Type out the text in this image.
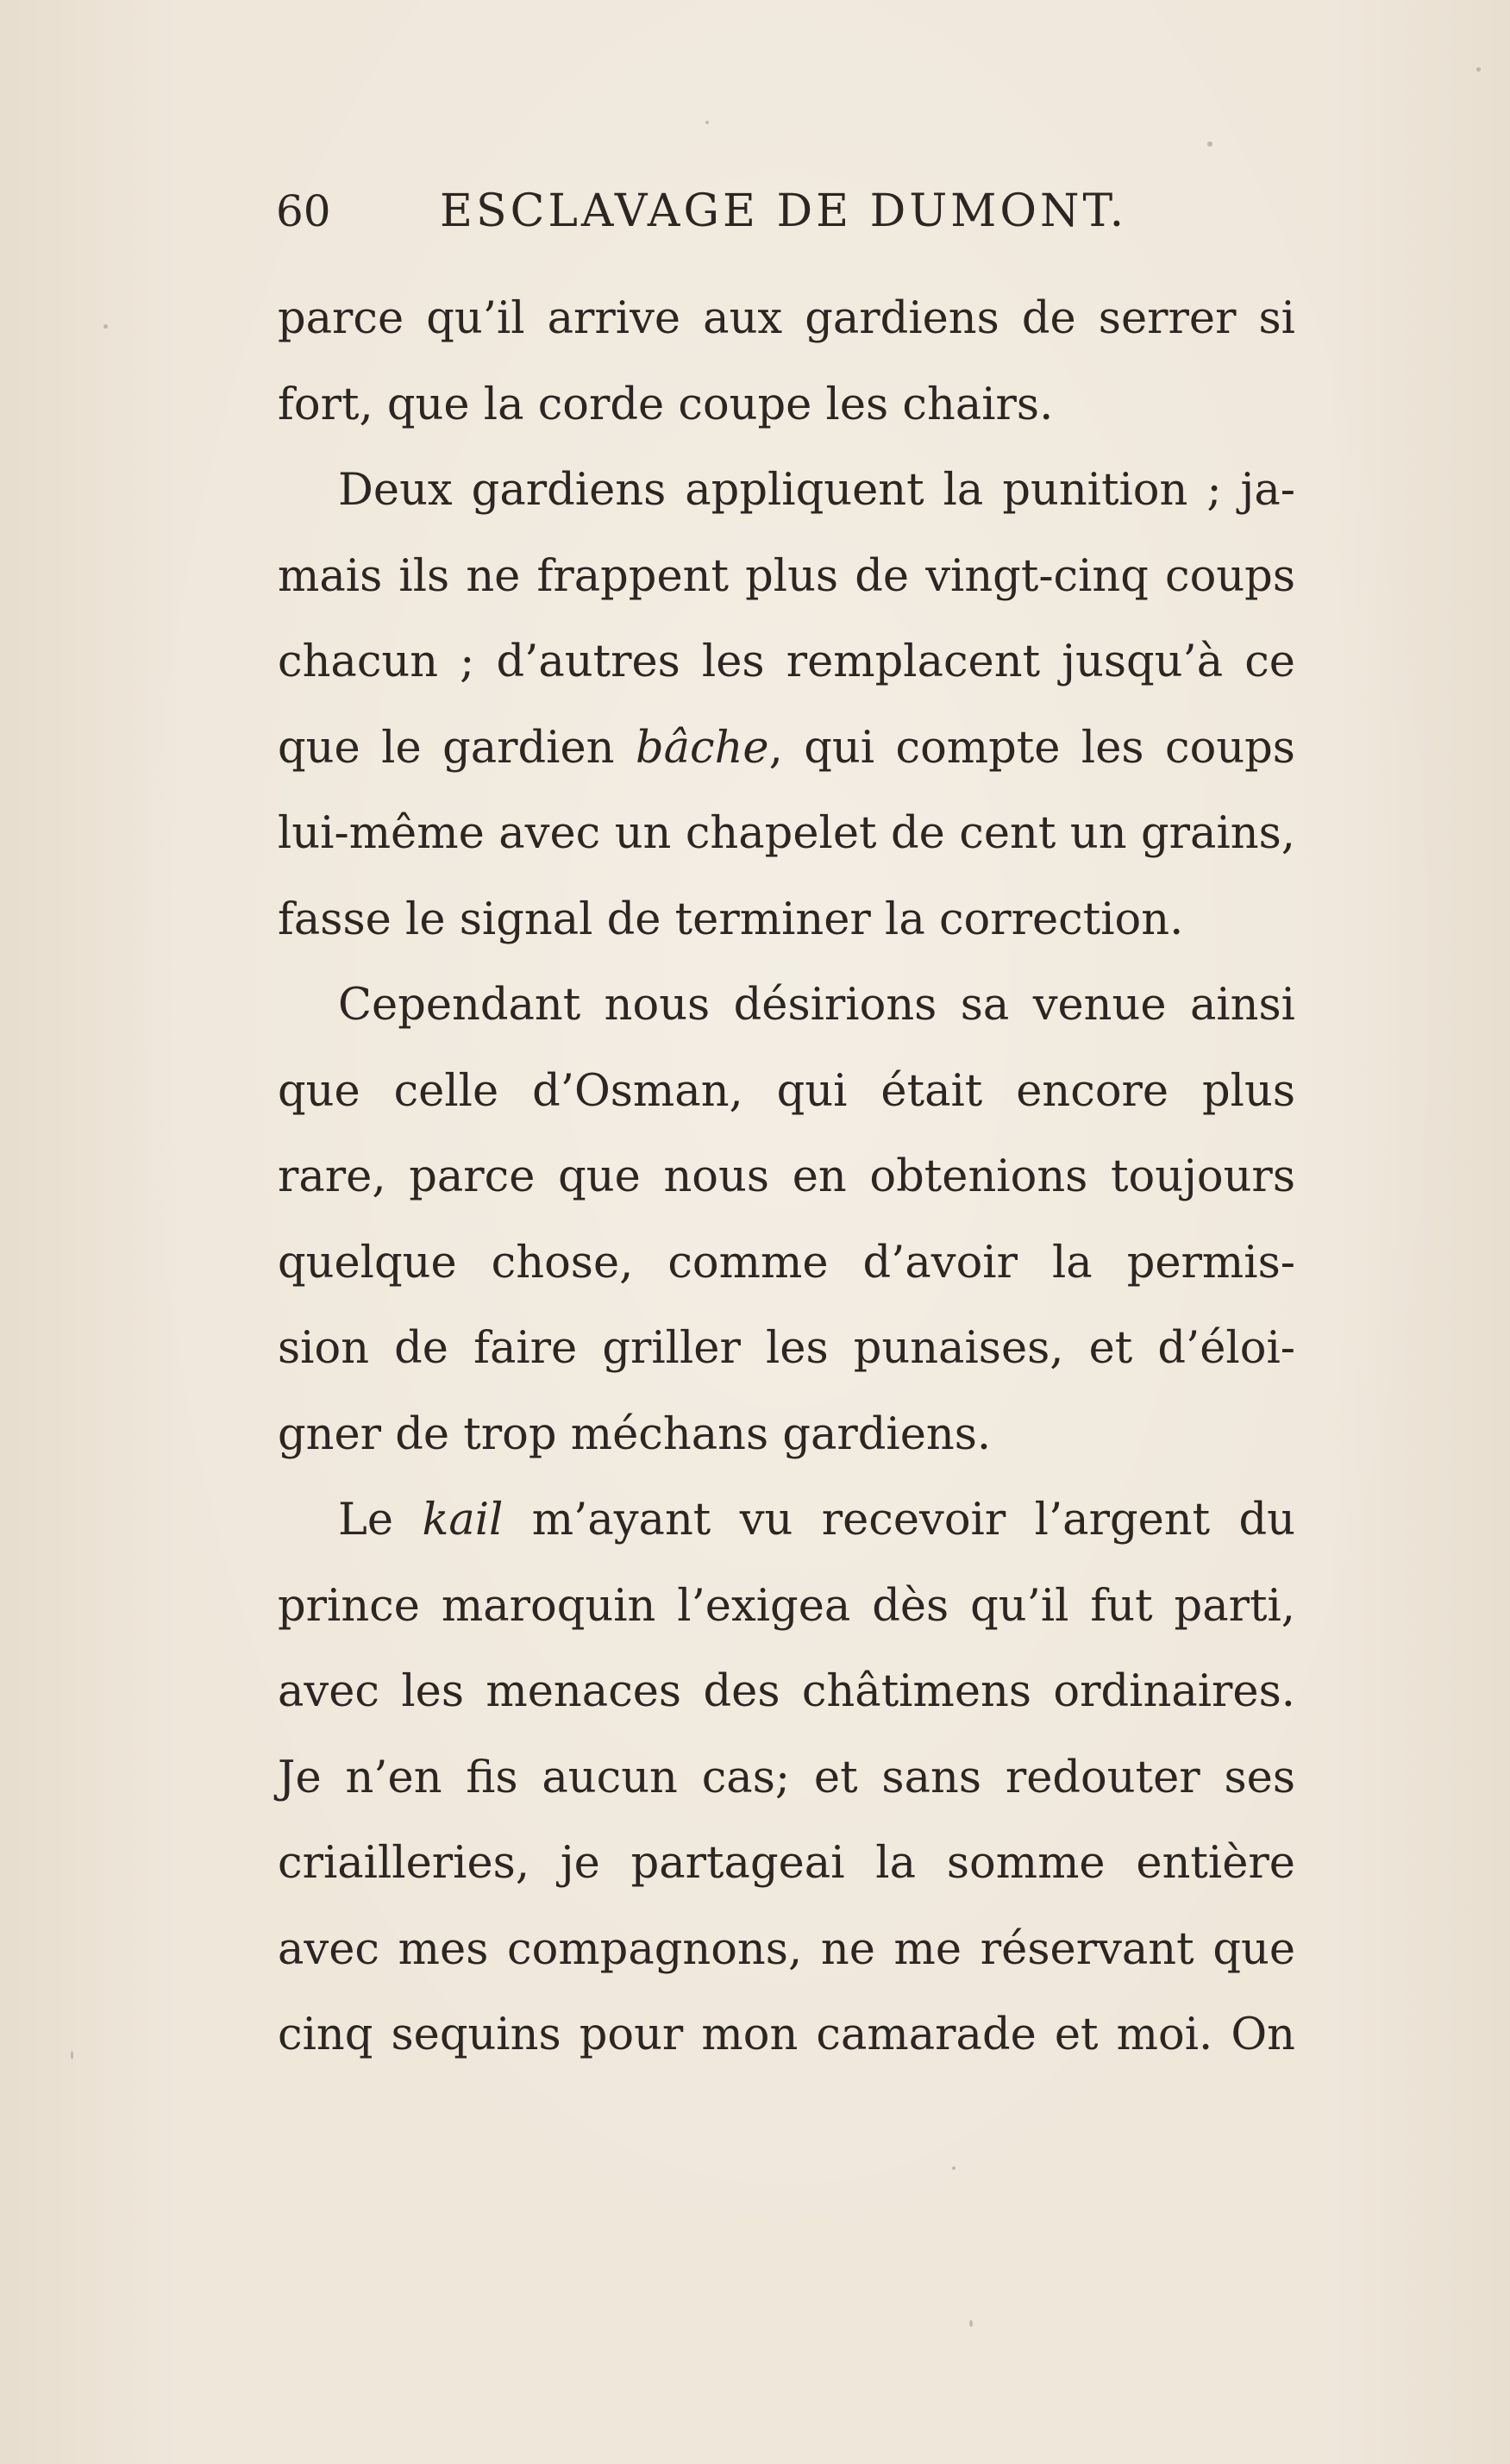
60 ESCLAVAGE DE DUMONT.
parce qu’il arrive aux gardiens de serrer si
fort, que la corde coupe les chairs.
Deux gardiens appliquent la punition ; ja-
mais ils ne frappent plus de vingt-cinq coups
chacun ; d’autres les remplacent jusqu’à ce
que le gardien bâche, qui compte les coups
lui-même avec un chapelet de cent un grains,
fasse le signal de terminer la correction.
Cependant nous désirions sa venue ainsi
que celle d’Osman, qui était encore plus
rare, parce que nous en obtenions toujours
quelque chose, comme d’avoir la permis-
sion de faire griller les punaises, et d’éloi-
gner de trop méchans gardiens.
Le kail m’ayant vu recevoir l’argent du
prince maroquin l’exigea dès qu’il fut parti,
avec les menaces des châtimens ordinaires.
Je n’en fis aucun cas; et sans redouter ses
criailleries, je partageai la somme entière
avec mes compagnons, ne me réservant que
cinq sequins pour mon camarade et moi. On
